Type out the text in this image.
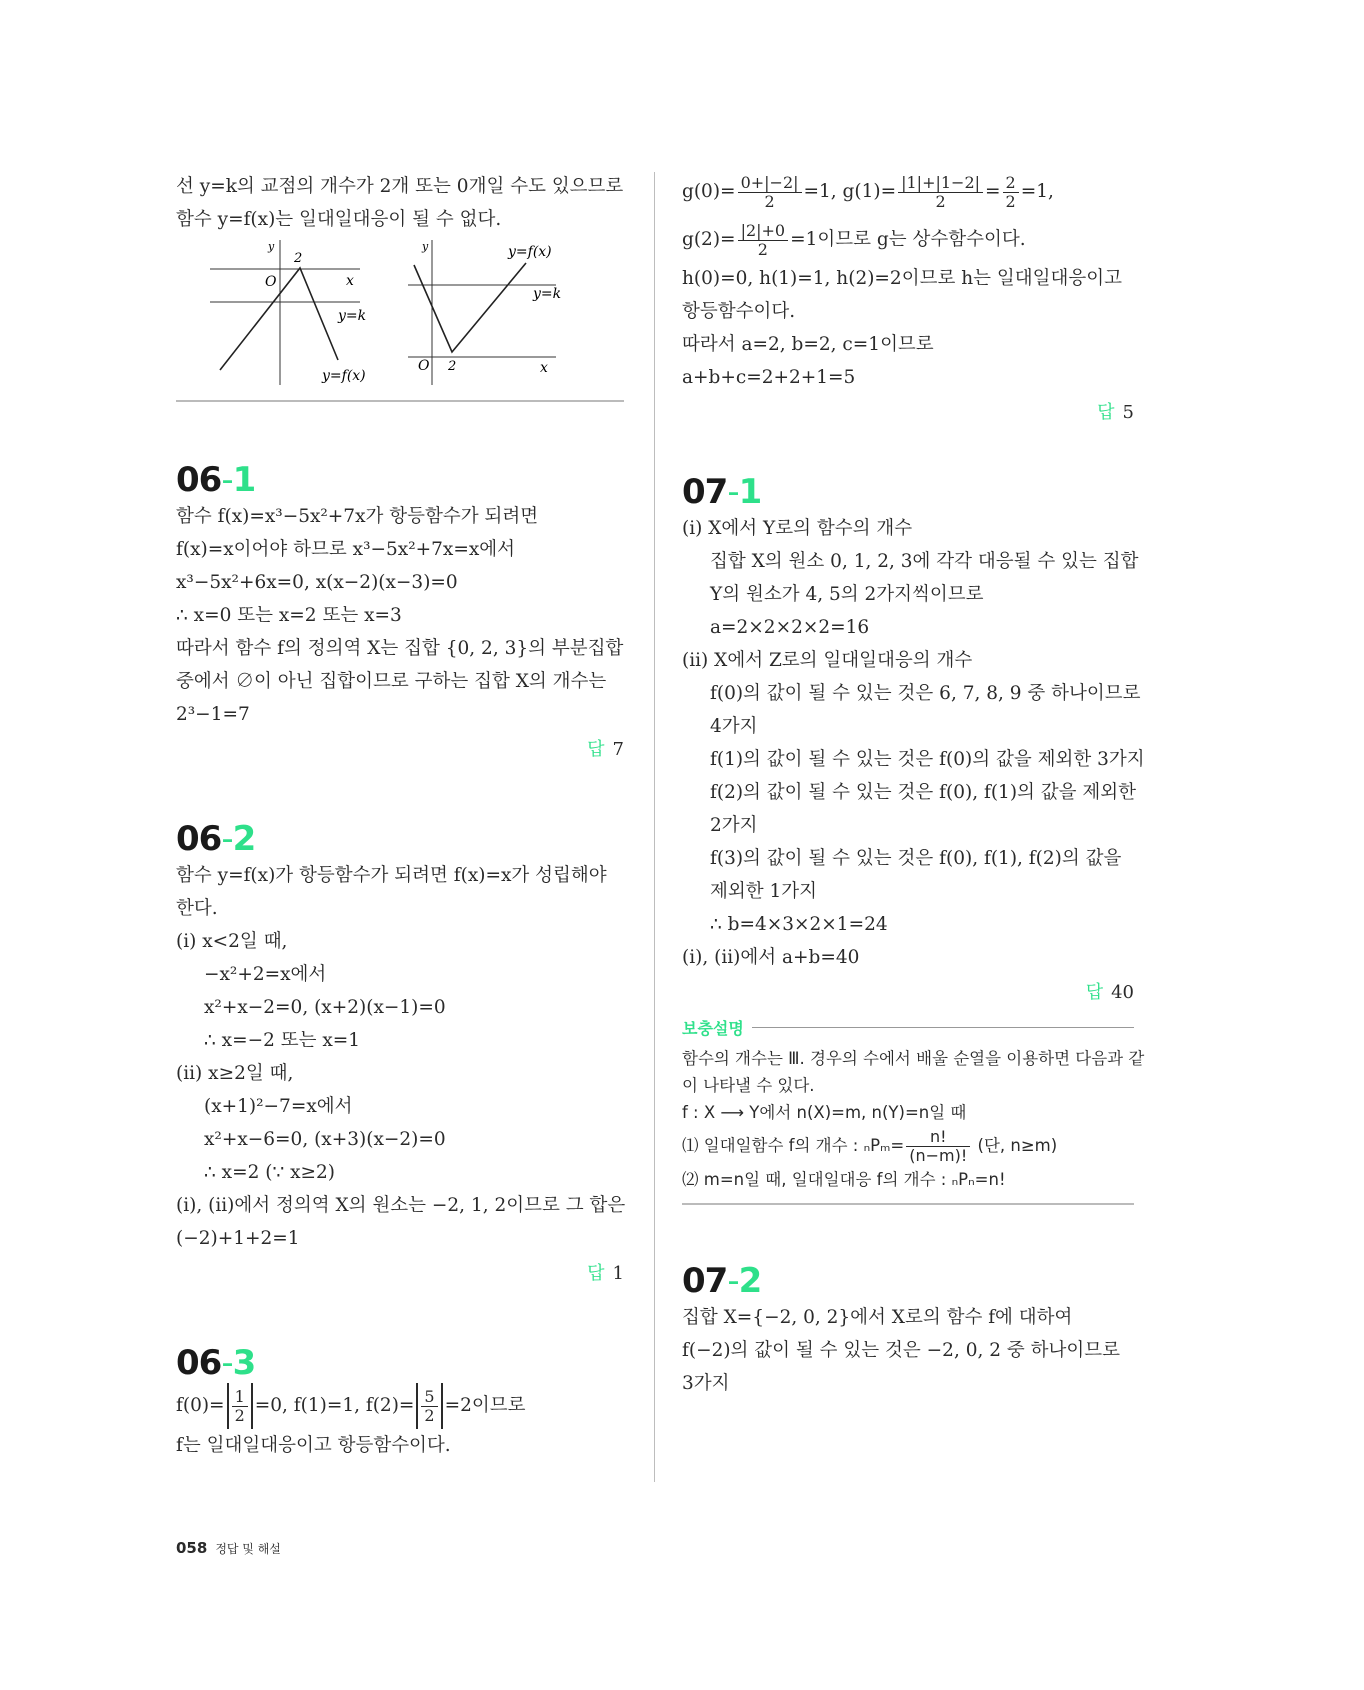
선 y=k의 교점의 개수가 2개 또는 0개일 수도 있으므로
함수 y=f(x)는 일대일대응이 될 수 없다.
y
2
O	x
y=k
y=f(x)
y
O 2	x
y=f(x)
y=k
06-1
함수 f(x)=x³−5x²+7x가 항등함수가 되려면
f(x)=x이어야 하므로 x³−5x²+7x=x에서
x³−5x²+6x=0, x(x−2)(x−3)=0
∴ x=0 또는 x=2 또는 x=3
따라서 함수 f의 정의역 X는 집합 {0, 2, 3}의 부분집합
중에서 ∅이 아닌 집합이므로 구하는 집합 X의 개수는
2³−1=7
답 7
06-2
함수 y=f(x)가 항등함수가 되려면 f(x)=x가 성립해야
한다.
(i) x<2일 때,
−x²+2=x에서
x²+x−2=0, (x+2)(x−1)=0
∴ x=−2 또는 x=1
(ii) x≥2일 때,
(x+1)²−7=x에서
x²+x−6=0, (x+3)(x−2)=0
∴ x=2 (∵ x≥2)
(i), (ii)에서 정의역 X의 원소는 −2, 1, 2이므로 그 합은
(−2)+1+2=1
답 1
06-3
$f(0)= \frac{1}{2} =0$, f(1)=1, $f(2)= \frac{5}{2} =2$이므로
f는 일대일대응이고 항등함수이다.
$g(0)= \frac{0+|-2|}{2} =1$, $g(1)= \frac{|1|+|1-2|}{2} = \frac{2}{2} =1$,
$g(2)= \frac{|2|+0}{2} =1$이므로 g는 상수함수이다.
h(0)=0, h(1)=1, h(2)=2이므로 h는 일대일대응이고
항등함수이다.
따라서 a=2, b=2, c=1이므로
a+b+c=2+2+1=5
답 5
07-1
(i) X에서 Y로의 함수의 개수
집합 X의 원소 0, 1, 2, 3에 각각 대응될 수 있는 집합
Y의 원소가 4, 5의 2가지씩이므로
a=2×2×2×2=16
(ii) X에서 Z로의 일대일대응의 개수
f(0)의 값이 될 수 있는 것은 6, 7, 8, 9 중 하나이므로
4가지
f(1)의 값이 될 수 있는 것은 f(0)의 값을 제외한 3가지
f(2)의 값이 될 수 있는 것은 f(0), f(1)의 값을 제외한
2가지
f(3)의 값이 될 수 있는 것은 f(0), f(1), f(2)의 값을
제외한 1가지
∴ b=4×3×2×1=24
(i), (ii)에서 a+b=40
답 40
보충설명
함수의 개수는 Ⅲ. 경우의 수에서 배울 순열을 이용하면 다음과 같
이 나타낼 수 있다.
f : X ⟶ Y에서 n(X)=m, n(Y)=n일 때
⑴ 일대일함수 f의 개수 : $_nP_m= \frac{n!}{(n-m)!}$ (단, n≥m)
⑵ m=n일 때, 일대일대응 f의 개수 : ₙPₙ=n!
07-2
집합 X={−2, 0, 2}에서 X로의 함수 f에 대하여
f(−2)의 값이 될 수 있는 것은 −2, 0, 2 중 하나이므로
3가지
058 정답 및 해설
